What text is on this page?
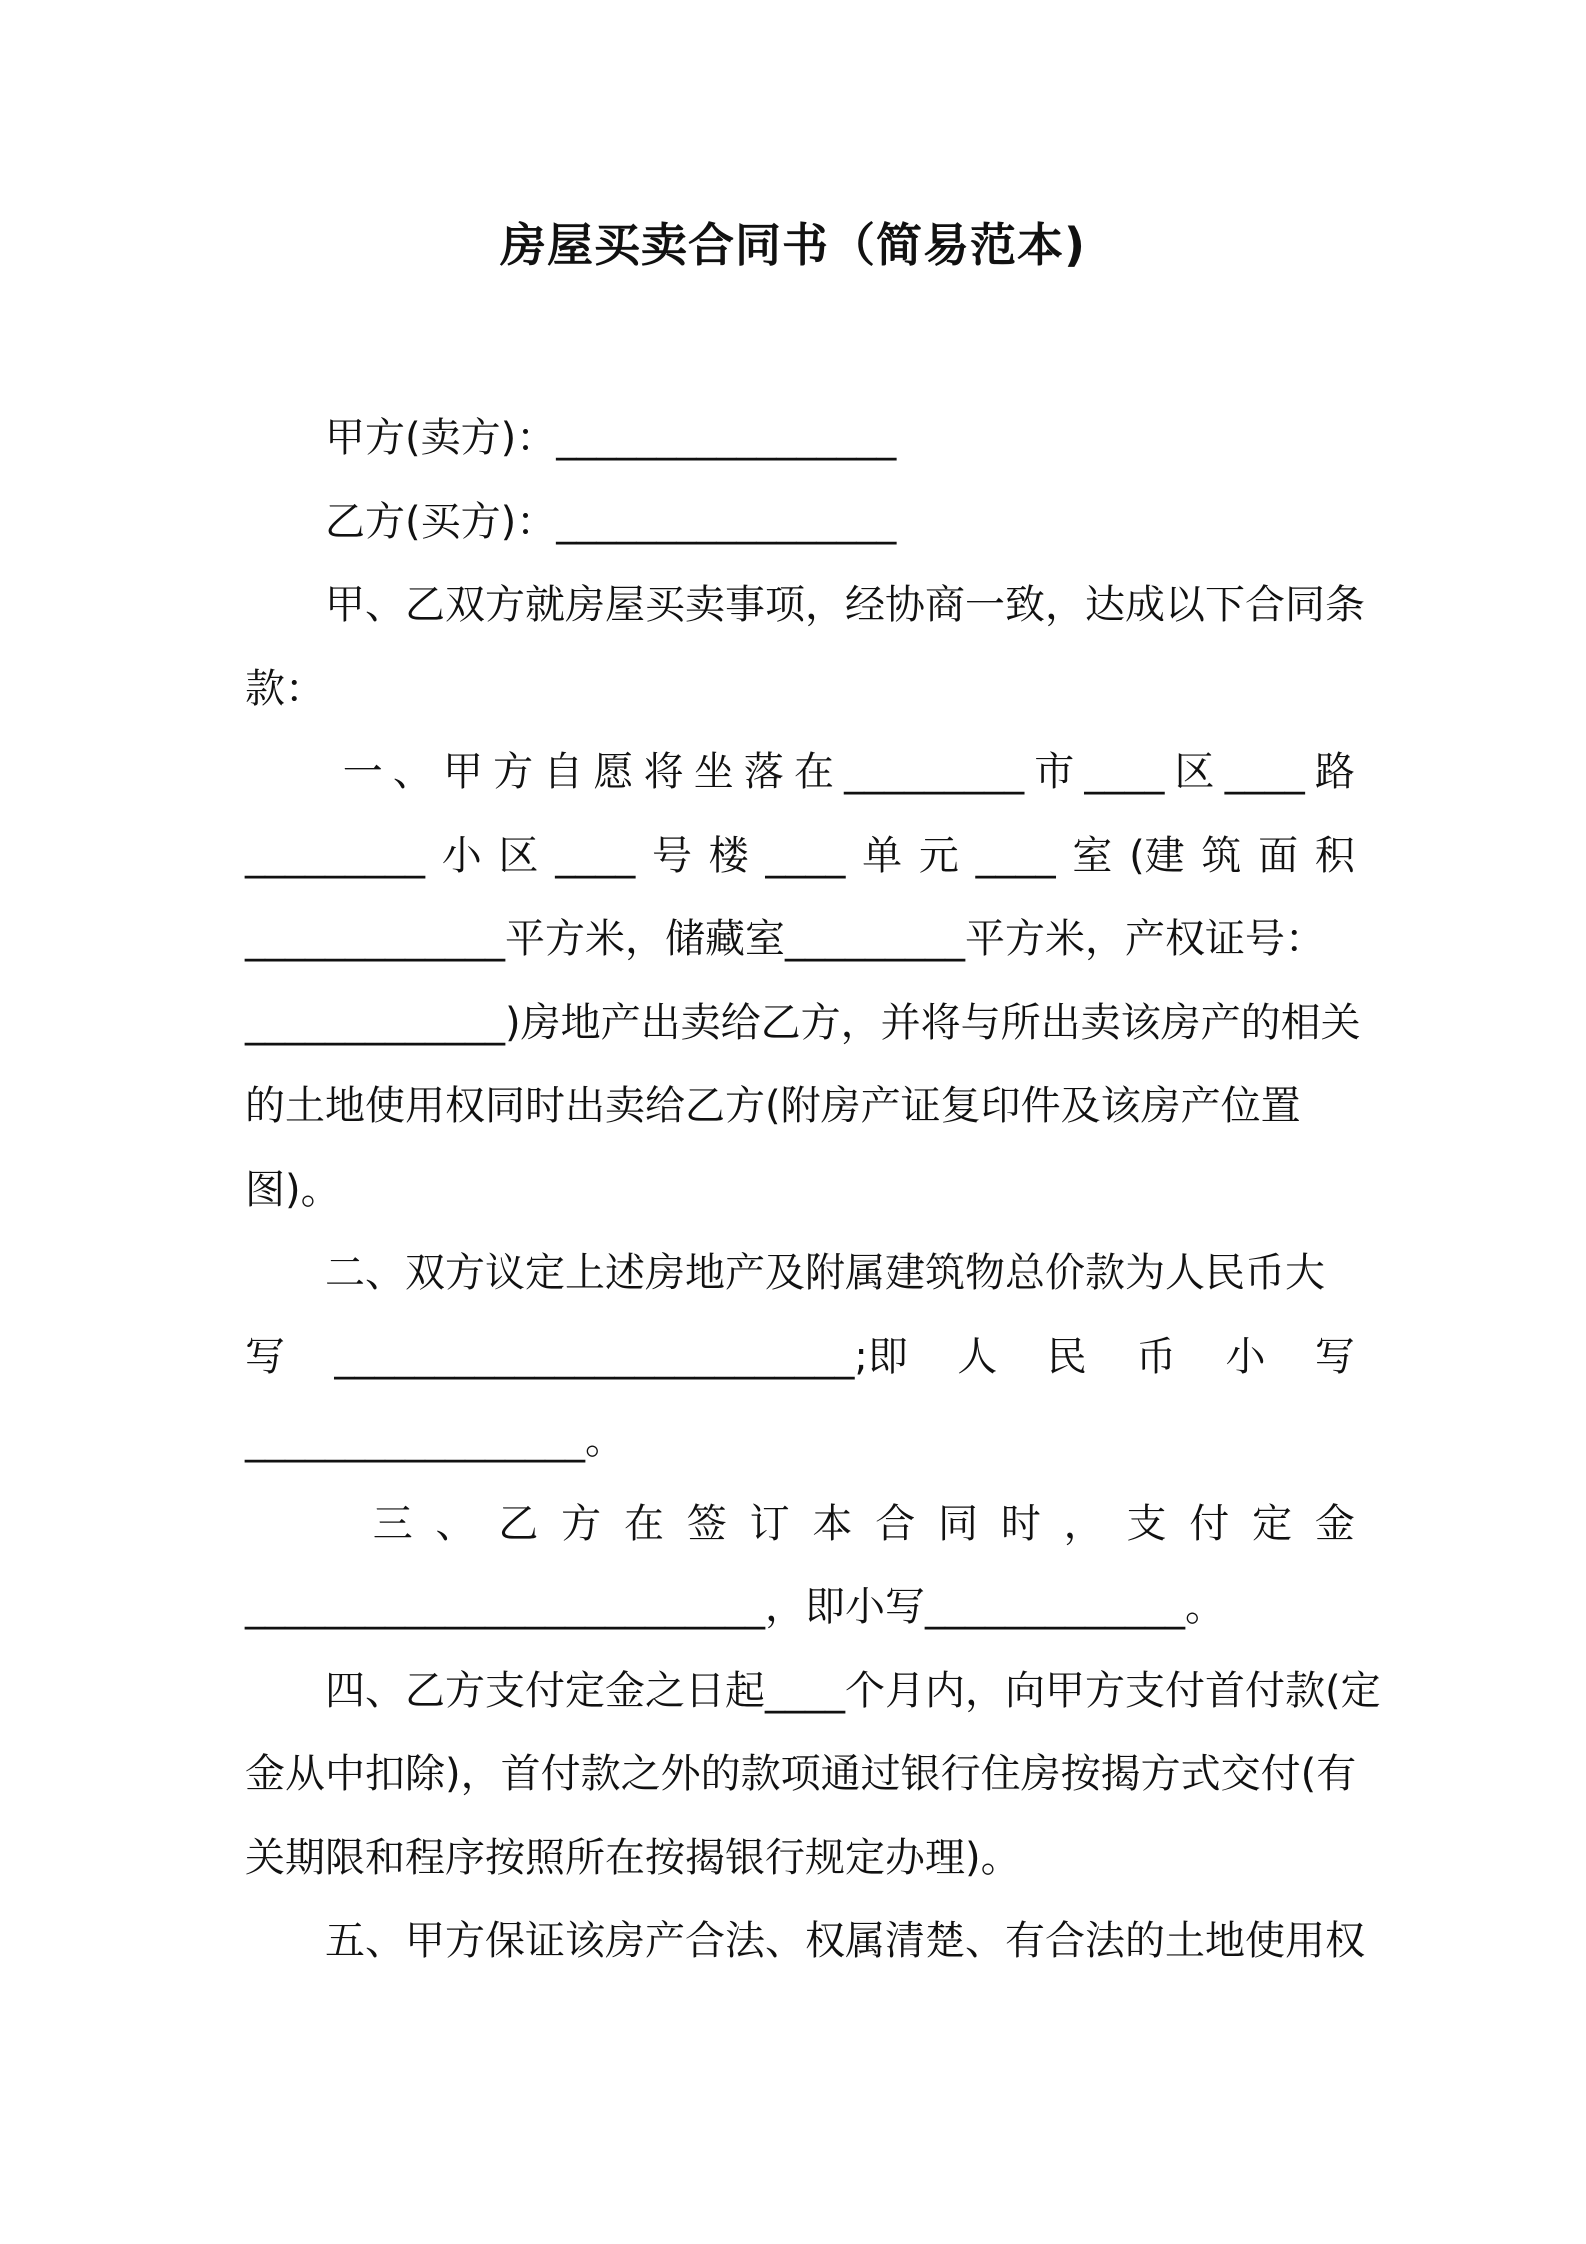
房屋买卖合同书（简易范本)
甲方(卖方)：_________________
乙方(买方)：_________________
甲、乙双方就房屋买卖事项，经协商一致，达成以下合同条
款：
一 、 甲 方 自 愿 将 坐 落 在 _________ 市 ____ 区 ____ 路
_________ 小 区 ____ 号 楼 ____ 单 元 ____ 室 (建 筑 面 积
_____________平方米，储藏室_________平方米，产权证号：
_____________)房地产出卖给乙方，并将与所出卖该房产的相关
的土地使用权同时出卖给乙方(附房产证复印件及该房产位置
图)。
二、双方议定上述房地产及附属建筑物总价款为人民币大
写 __________________________;即 人 民 币 小 写
_________________。
三 、 乙 方 在 签 订 本 合 同 时 ， 支 付 定 金
__________________________，即小写_____________。
四、乙方支付定金之日起____个月内，向甲方支付首付款(定
金从中扣除)，首付款之外的款项通过银行住房按揭方式交付(有
关期限和程序按照所在按揭银行规定办理)。
五、甲方保证该房产合法、权属清楚、有合法的土地使用权
